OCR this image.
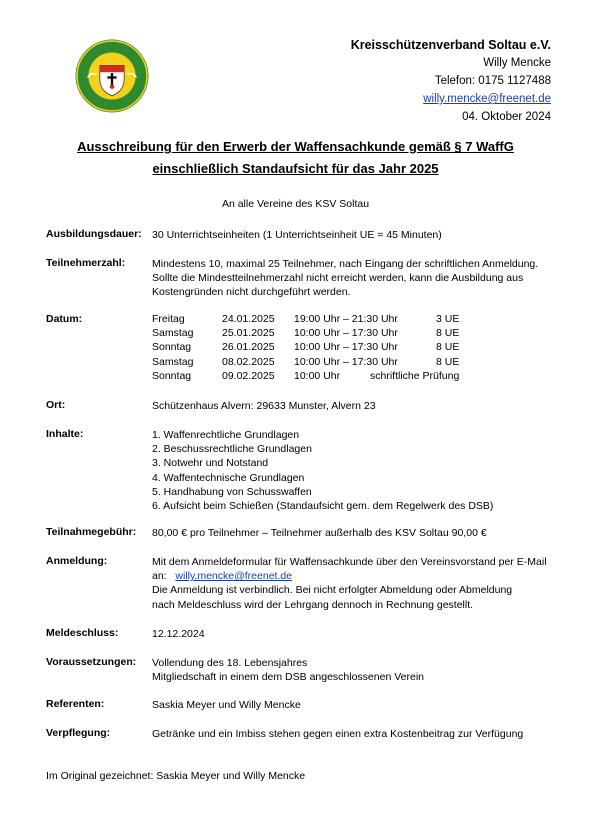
Kreisschützenverband Soltau e.V.
Willy Mencke
Telefon: 0175 1127488
willy.mencke@freenet.de
04. Oktober 2024
Ausschreibung für den Erwerb der Waffensachkunde gemäß § 7 WaffG
einschließlich Standaufsicht für das Jahr 2025
An alle Vereine des KSV Soltau
Ausbildungsdauer: 30 Unterrichtseinheiten (1 Unterrichtseinheit UE = 45 Minuten)
Teilnehmerzahl:	Mindestens 10, maximal 25 Teilnehmer, nach Eingang der schriftlichen Anmeldung.
Sollte die Mindestteilnehmerzahl nicht erreicht werden, kann die Ausbildung aus
Kostengründen nicht durchgeführt werden.
Datum:	Freitag	24.01.2025 19:00 Uhr – 21:30 Uhr	3 UE
Samstag	25.01.2025 10:00 Uhr – 17:30 Uhr	8 UE
Sonntag	26.01.2025 10:00 Uhr – 17:30 Uhr	8 UE
Samstag	08.02.2025 10:00 Uhr – 17:30 Uhr	8 UE
Sonntag	09.02.2025 10:00 Uhr	schriftliche Prüfung
Ort:	Schützenhaus Alvern: 29633 Munster, Alvern 23
Inhalte:	1. Waffenrechtliche Grundlagen
2. Beschussrechtliche Grundlagen
3. Notwehr und Notstand
4. Waffentechnische Grundlagen
5. Handhabung von Schusswaffen
6. Aufsicht beim Schießen (Standaufsicht gem. dem Regelwerk des DSB)
Teilnahmegebühr: 80,00 € pro Teilnehmer – Teilnehmer außerhalb des KSV Soltau 90,00 €
Anmeldung:	Mit dem Anmeldeformular für Waffensachkunde über den Vereinsvorstand per E-Mail
an: willy.mencke@freenet.de
Die Anmeldung ist verbindlich. Bei nicht erfolgter Abmeldung oder Abmeldung
nach Meldeschluss wird der Lehrgang dennoch in Rechnung gestellt.
Meldeschluss:	12.12.2024
Voraussetzungen: Vollendung des 18. Lebensjahres
Mitgliedschaft in einem dem DSB angeschlossenen Verein
Referenten:	Saskia Meyer und Willy Mencke
Verpflegung:	Getränke und ein Imbiss stehen gegen einen extra Kostenbeitrag zur Verfügung
Im Original gezeichnet: Saskia Meyer und Willy Mencke
